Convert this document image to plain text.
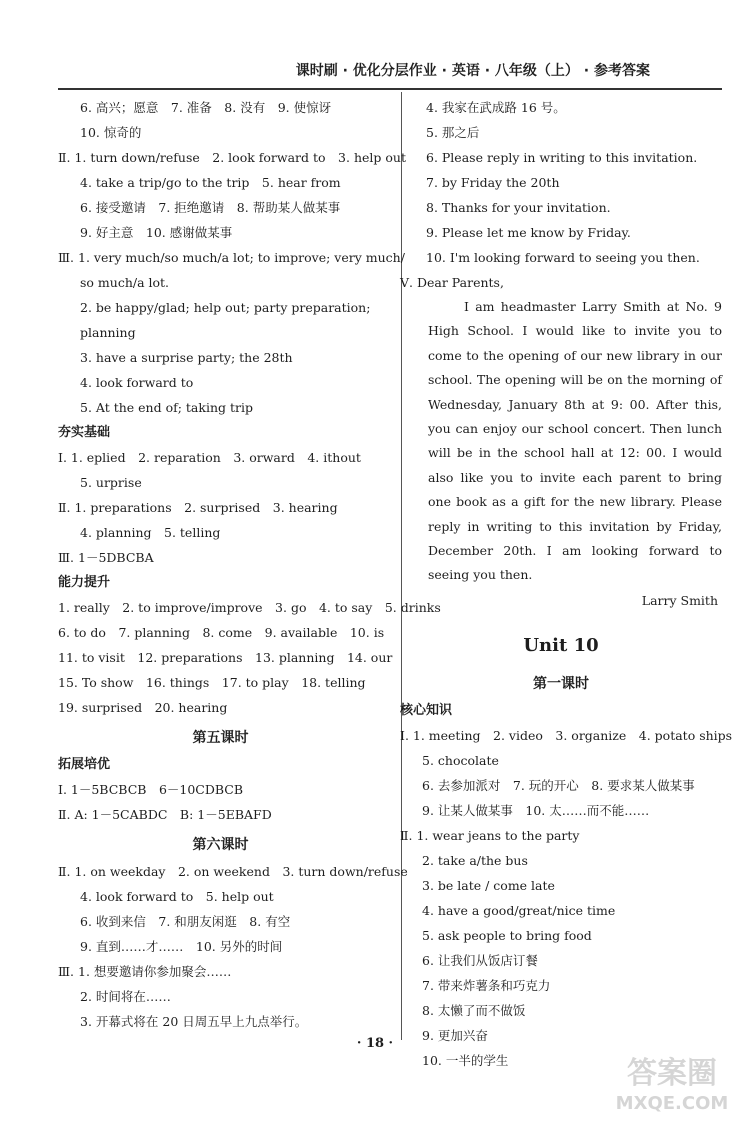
课时刷 · 优化分层作业 · 英语 · 八年级（上） · 参考答案
6. 高兴；愿意　7. 准备　8. 没有　9. 使惊讶
10. 惊奇的
Ⅱ. 1. turn down/refuse　2. look forward to　3. help out
4. take a trip/go to the trip　5. hear from
6. 接受邀请　7. 拒绝邀请　8. 帮助某人做某事
9. 好主意　10. 感谢做某事
Ⅲ. 1. very much/so much/a lot; to improve; very much/
so much/a lot.
2. be happy/glad; help out; party preparation;
planning
3. have a surprise party; the 28th
4. look forward to
5. At the end of; taking trip
夯实基础
Ⅰ. 1. eplied　2. reparation　3. orward　4. ithout
5. urprise
Ⅱ. 1. preparations　2. surprised　3. hearing
4. planning　5. telling
Ⅲ. 1－5DBCBA
能力提升
1. really　2. to improve/improve　3. go　4. to say　5. drinks
6. to do　7. planning　8. come　9. available　10. is
11. to visit　12. preparations　13. planning　14. our
15. To show　16. things　17. to play　18. telling
19. surprised　20. hearing
第五课时
拓展培优
Ⅰ. 1－5BCBCB　6－10CDBCB
Ⅱ. A: 1－5CABDC　B: 1－5EBAFD
第六课时
Ⅱ. 1. on weekday　2. on weekend　3. turn down/refuse
4. look forward to　5. help out
6. 收到来信　7. 和朋友闲逛　8. 有空
9. 直到……才……　10. 另外的时间
Ⅲ. 1. 想要邀请你参加聚会……
2. 时间将在……
3. 开幕式将在 20 日周五早上九点举行。
4. 我家在武成路 16 号。
5. 那之后
6. Please reply in writing to this invitation.
7. by Friday the 20th
8. Thanks for your invitation.
9. Please let me know by Friday.
10. I'm looking forward to seeing you then.
Ⅴ. Dear Parents,

I am headmaster Larry Smith at No. 9 High School. I would like to invite you to come to the opening of our new library in our school. The opening will be on the morning of Wednesday, January 8th at 9: 00. After this, you can enjoy our school concert. Then lunch will be in the school hall at 12: 00. I would also like you to invite each parent to bring one book as a gift for the new library. Please reply in writing to this invitation by Friday, December 20th. I am looking forward to seeing you then.

Larry Smith
Unit 10
第一课时
核心知识
Ⅰ. 1. meeting　2. video　3. organize　4. potato ships
5. chocolate
6. 去参加派对　7. 玩的开心　8. 要求某人做某事
9. 让某人做某事　10. 太……而不能……
Ⅱ. 1. wear jeans to the party
2. take a/the bus
3. be late / come late
4. have a good/great/nice time
5. ask people to bring food
6. 让我们从饭店订餐
7. 带来炸薯条和巧克力
8. 太懒了而不做饭
9. 更加兴奋
10. 一半的学生
· 18 ·
答案圈
MXQE.COM
